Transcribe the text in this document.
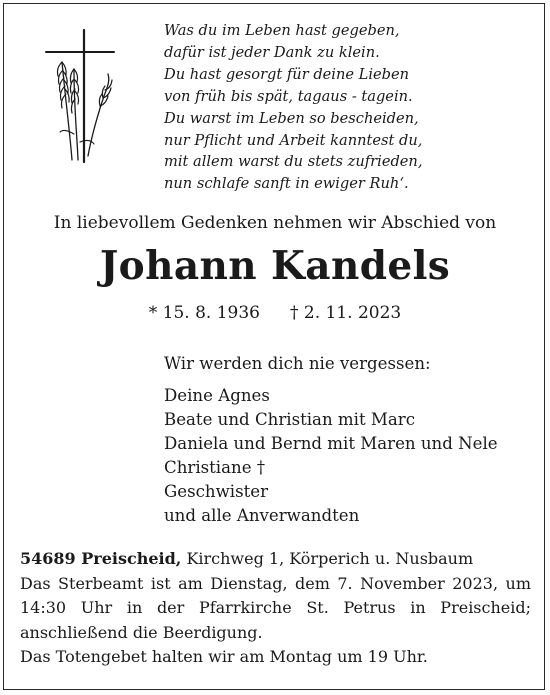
Was du im Leben hast gegeben,
dafür ist jeder Dank zu klein.
Du hast gesorgt für deine Lieben
von früh bis spät, tagaus - tagein.
Du warst im Leben so bescheiden,
nur Pflicht und Arbeit kanntest du,
mit allem warst du stets zufrieden,
nun schlafe sanft in ewiger Ruh‘.
In liebevollem Gedenken nehmen wir Abschied von
Johann Kandels
* 15. 8. 1936 † 2. 11. 2023
Wir werden dich nie vergessen:
Deine Agnes
Beate und Christian mit Marc
Daniela und Bernd mit Maren und Nele
Christiane †
Geschwister
und alle Anverwandten
54689 Preischeid, Kirchweg 1, Körperich u. Nusbaum
Das Sterbeamt ist am Dienstag, dem 7. November 2023, um 14:30 Uhr in der Pfarrkirche St. Petrus in Preischeid; anschließend die Beerdigung.
Das Totengebet halten wir am Montag um 19 Uhr.
